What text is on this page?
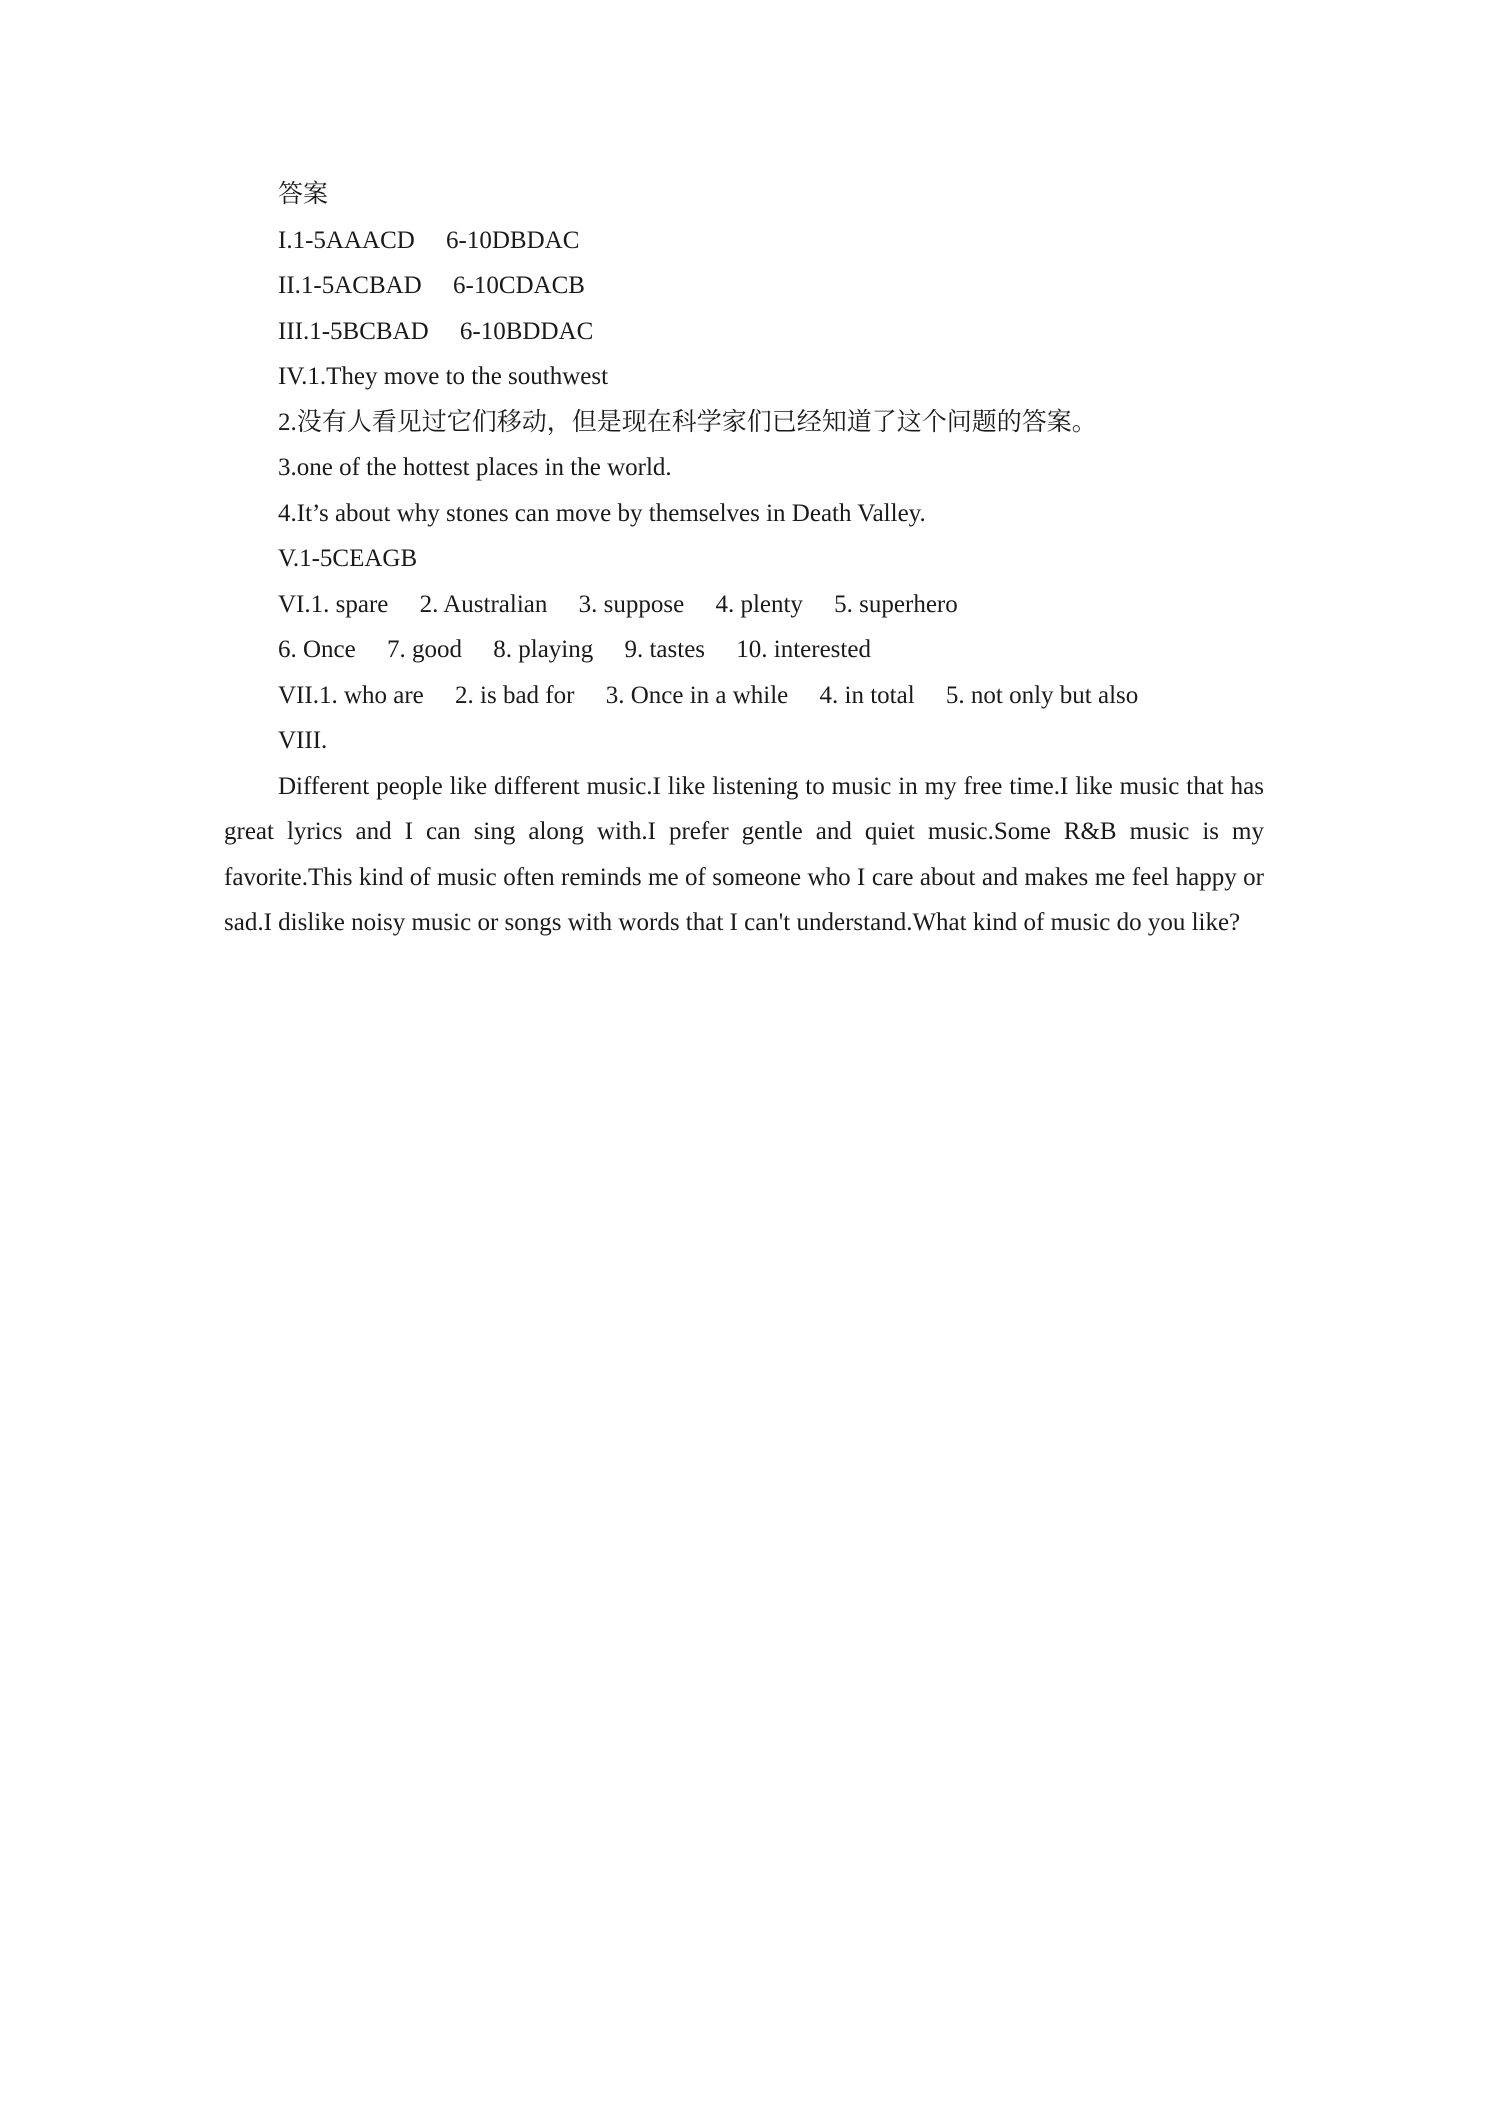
答案
I.1-5AAACD　 6-10DBDAC
II.1-5ACBAD　 6-10CDACB
III.1-5BCBAD　 6-10BDDAC
IV.1.They move to the southwest
2.没有人看见过它们移动，但是现在科学家们已经知道了这个问题的答案。
3.one of the hottest places in the world.
4.It’s about why stones can move by themselves in Death Valley.
V.1-5CEAGB
VI.1. spare　 2. Australian　 3. suppose　 4. plenty　 5. superhero
6. Once　 7. good　 8. playing　 9. tastes　 10. interested
VII.1. who are　 2. is bad for　 3. Once in a while　 4. in total　 5. not only but also
VIII.

Different people like different music.I like listening to music in my free time.I like music that has great lyrics and I can sing along with.I prefer gentle and quiet music.Some R&B music is my favorite.This kind of music often reminds me of someone who I care about and makes me feel happy or sad.I dislike noisy music or songs with words that I can't understand.What kind of music do you like?
